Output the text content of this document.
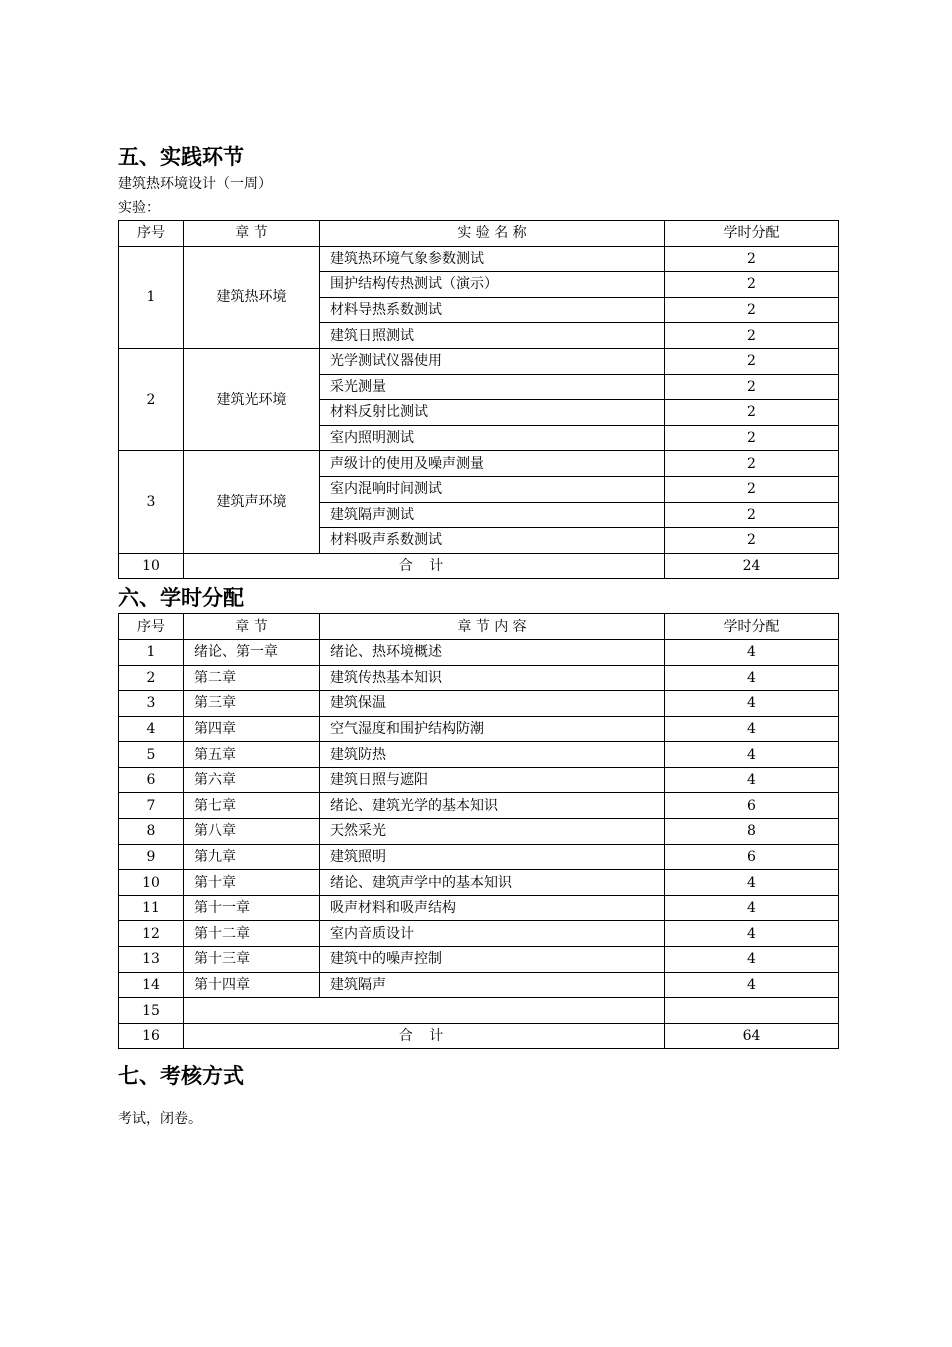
五、实践环节

建筑热环境设计（一周）

实验：

序号	章 节	实 验 名 称	学时分配
1	建筑热环境	建筑热环境气象参数测试	2
		围护结构传热测试（演示）	2
		材料导热系数测试	2
		建筑日照测试	2
2	建筑光环境	光学测试仪器使用	2
		采光测量	2
		材料反射比测试	2
		室内照明测试	2
3	建筑声环境	声级计的使用及噪声测量	2
		室内混响时间测试	2
		建筑隔声测试	2
		材料吸声系数测试	2
10	合 计		24
六、学时分配
序号	章 节	章 节 内 容	学时分配
1	绪论、第一章	绪论、热环境概述	4
2	第二章	建筑传热基本知识	4
3	第三章	建筑保温	4
4	第四章	空气湿度和围护结构防潮	4
5	第五章	建筑防热	4
6	第六章	建筑日照与遮阳	4
7	第七章	绪论、建筑光学的基本知识	6
8	第八章	天然采光	8
9	第九章	建筑照明	6
10	第十章	绪论、建筑声学中的基本知识	4
11	第十一章	吸声材料和吸声结构	4
12	第十二章	室内音质设计	4
13	第十三章	建筑中的噪声控制	4
14	第十四章	建筑隔声	4
15			
16	合 计		64
七、考核方式

考试，闭卷。
